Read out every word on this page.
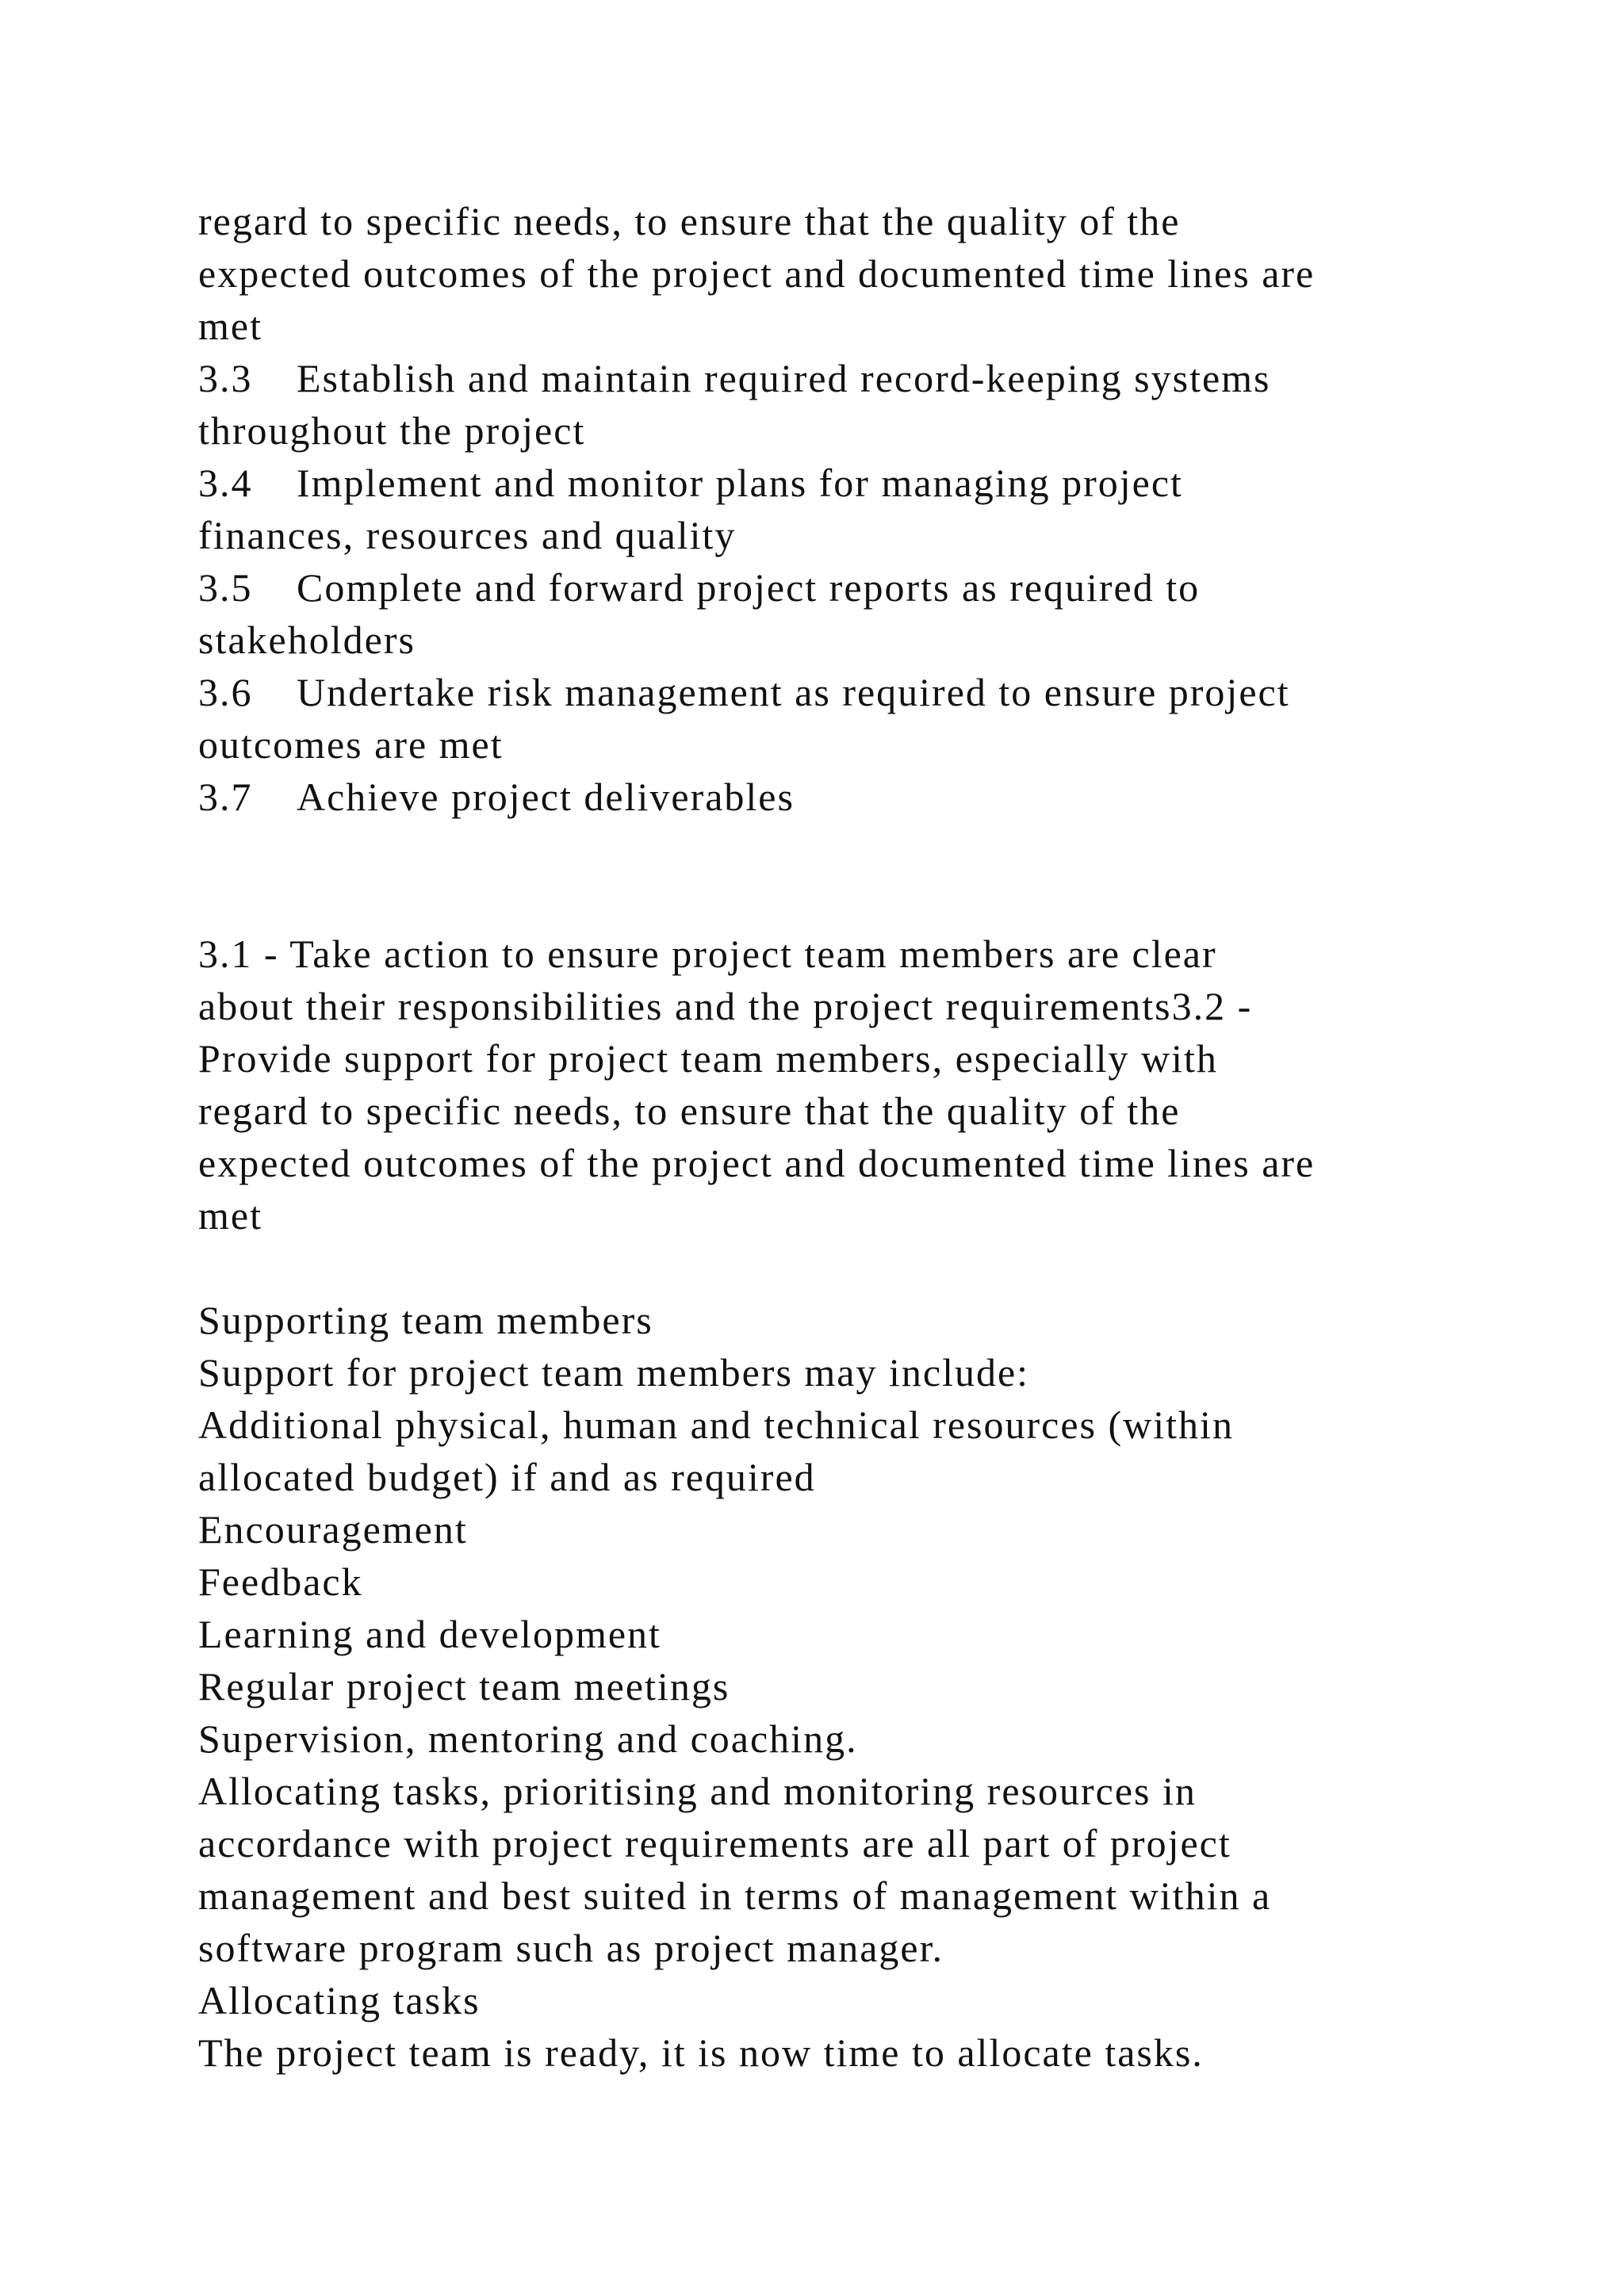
regard to specific needs, to ensure that the quality of the
expected outcomes of the project and documented time lines are
met
3.3 Establish and maintain required record-keeping systems
throughout the project
3.4 Implement and monitor plans for managing project
finances, resources and quality
3.5 Complete and forward project reports as required to
stakeholders
3.6 Undertake risk management as required to ensure project
outcomes are met
3.7 Achieve project deliverables
3.1 - Take action to ensure project team members are clear
about their responsibilities and the project requirements3.2 -
Provide support for project team members, especially with
regard to specific needs, to ensure that the quality of the
expected outcomes of the project and documented time lines are
met
Supporting team members
Support for project team members may include:
Additional physical, human and technical resources (within
allocated budget) if and as required
Encouragement
Feedback
Learning and development
Regular project team meetings
Supervision, mentoring and coaching.
Allocating tasks, prioritising and monitoring resources in
accordance with project requirements are all part of project
management and best suited in terms of management within a
software program such as project manager.
Allocating tasks
The project team is ready, it is now time to allocate tasks.
